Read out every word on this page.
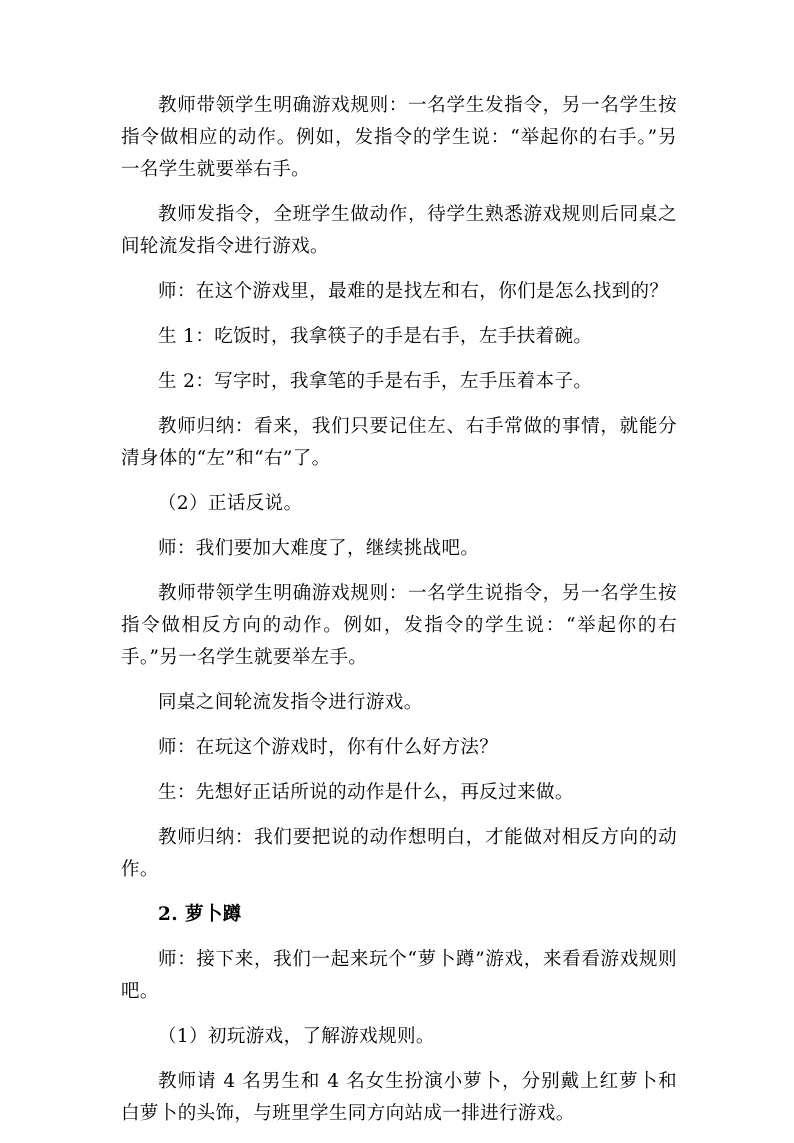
教师带领学生明确游戏规则：一名学生发指令，另一名学生按指令做相应的动作。例如，发指令的学生说：“举起你的右手。”另一名学生就要举右手。

教师发指令，全班学生做动作，待学生熟悉游戏规则后同桌之间轮流发指令进行游戏。

师：在这个游戏里，最难的是找左和右，你们是怎么找到的？

生 1：吃饭时，我拿筷子的手是右手，左手扶着碗。

生 2：写字时，我拿笔的手是右手，左手压着本子。

教师归纳：看来，我们只要记住左、右手常做的事情，就能分清身体的“左”和“右”了。

（2）正话反说。

师：我们要加大难度了，继续挑战吧。

教师带领学生明确游戏规则：一名学生说指令，另一名学生按指令做相反方向的动作。例如，发指令的学生说：“举起你的右手。”另一名学生就要举左手。

同桌之间轮流发指令进行游戏。

师：在玩这个游戏时，你有什么好方法？

生：先想好正话所说的动作是什么，再反过来做。

教师归纳：我们要把说的动作想明白，才能做对相反方向的动作。

2. 萝卜蹲

师：接下来，我们一起来玩个“萝卜蹲”游戏，来看看游戏规则吧。

（1）初玩游戏，了解游戏规则。

教师请 4 名男生和 4 名女生扮演小萝卜，分别戴上红萝卜和白萝卜的头饰，与班里学生同方向站成一排进行游戏。
